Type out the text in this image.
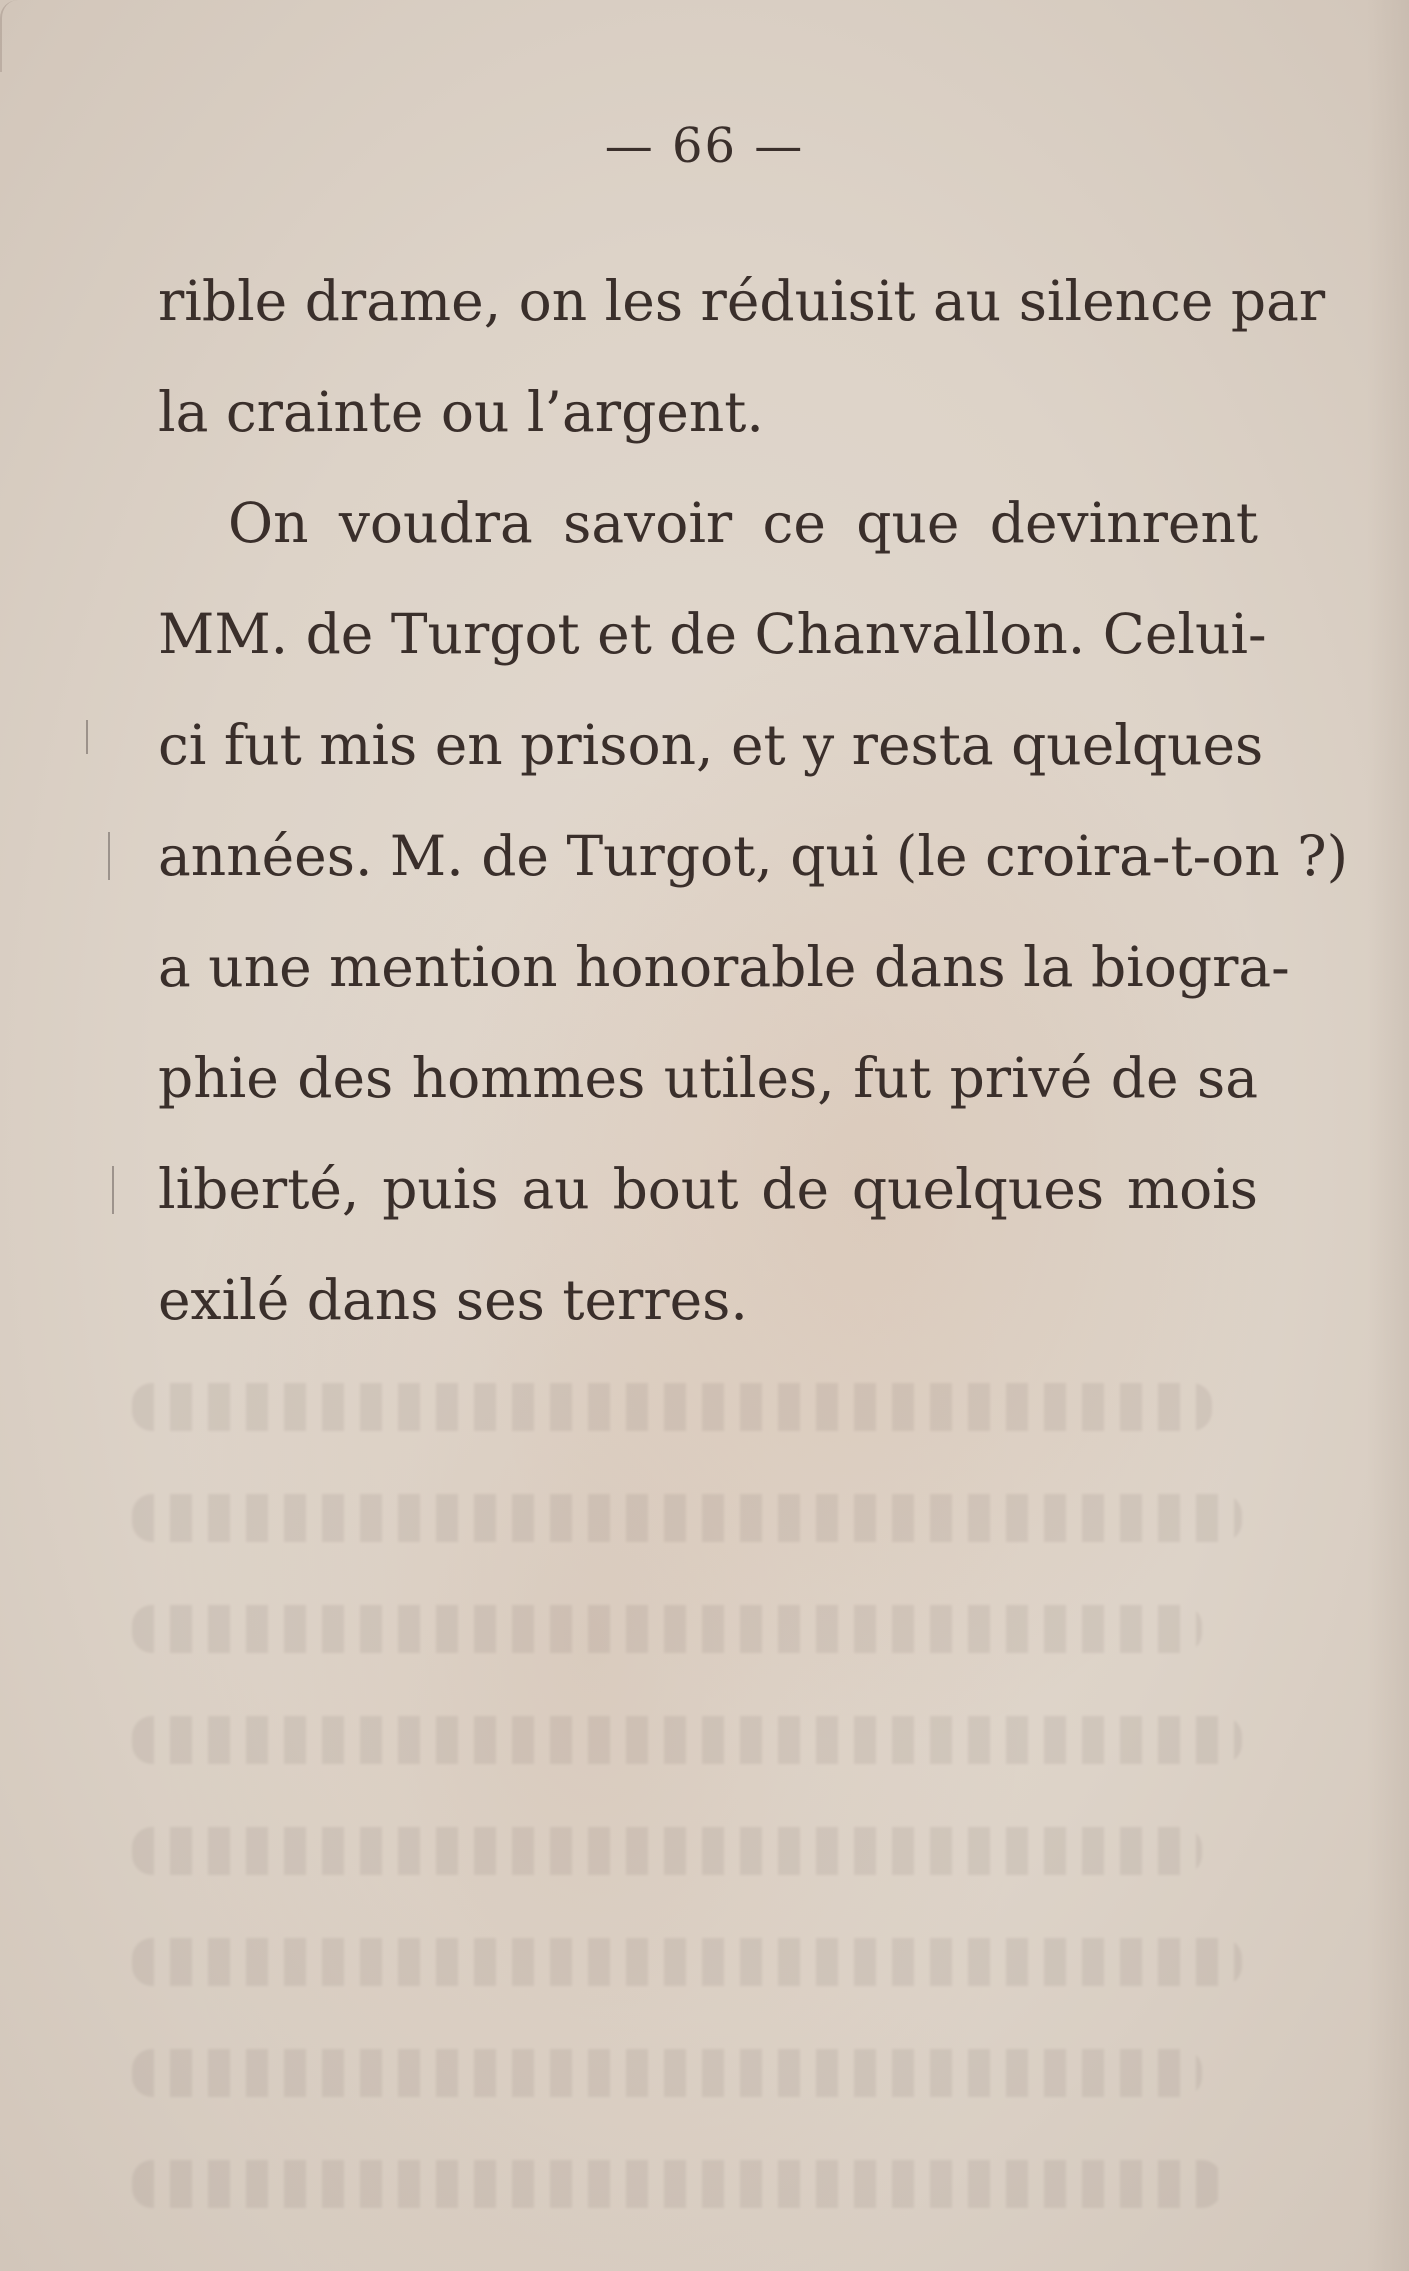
— 66 —
rible drame, on les réduisit au silence par
la crainte ou l’argent.
On voudra savoir ce que devinrent
MM. de Turgot et de Chanvallon. Celui-
ci fut mis en prison, et y resta quelques
années. M. de Turgot, qui (le croira-t-on ?)
a une mention honorable dans la biogra-
phie des hommes utiles, fut privé de sa
liberté, puis au bout de quelques mois
exilé dans ses terres.
